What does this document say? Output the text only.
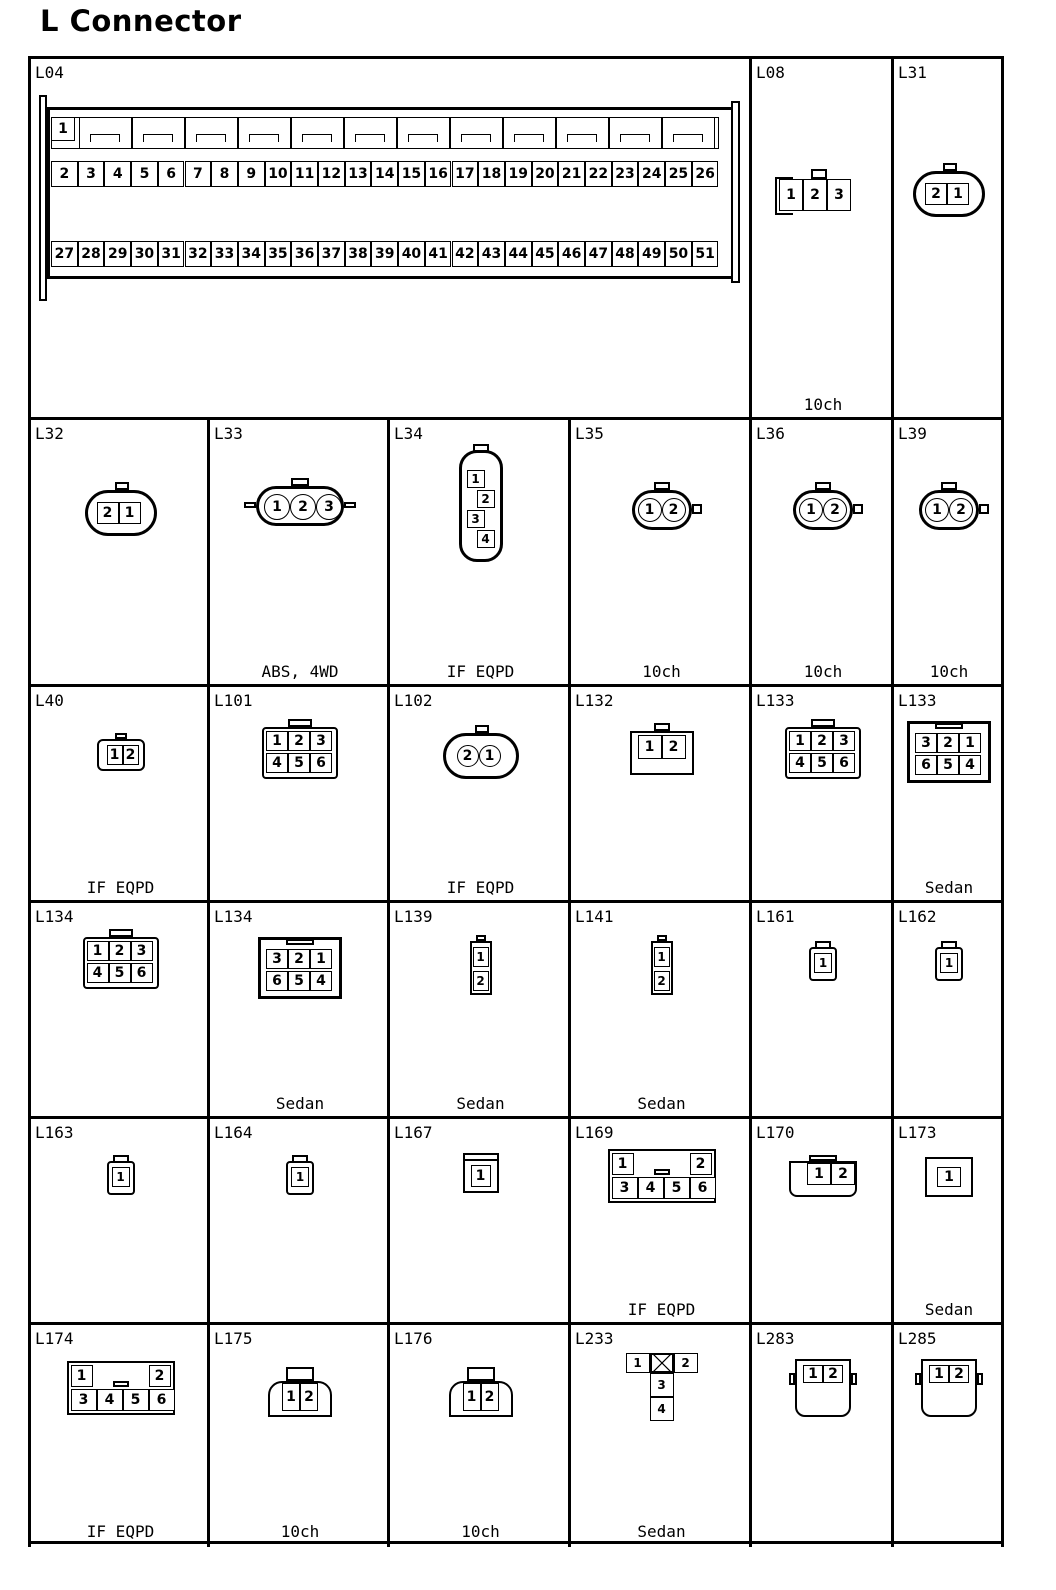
L Connector
L04
1
2	3	4	5	6	7	8	9 10 11 12 13 14 15 16 17 18 19 20 21 22 23 24 25 26
27 28 29 30 31 32 33 34 35 36 37 38 39 40 41 42 43 44 45 46 47 48 49 50 51
L08
10ch
1	2	3
L31
2 1
L32
2 1
L33
ABS, 4WD
1	2	3
L34
IF EQPD
1
2
3
4
L35
10ch
1	2
L36
10ch
1	2
L39
10ch
1	2
L40
IF EQPD
1 2
L101
1 2 3
4 5 6
L102
IF EQPD
2 1
L132
1	2
L133
1 2 3
4 5 6
L133
Sedan
3 2 1
6 5 4
L134
1 2 3
4 5 6
L134
Sedan
3 2 1
6 5 4
L139
Sedan
1
2
L141
Sedan
1
2
L161
1
L162
1
L163
1
L164
1
L167
1
L169
IF EQPD
1	2
3	4	5	6
L170
1	2
L173
Sedan
1
L174
IF EQPD
1	2
3	4	5	6
L175
10ch
1 2
L176
10ch
1 2
L233
Sedan
1	2
3
4
L283
1 2
L285
1 2
